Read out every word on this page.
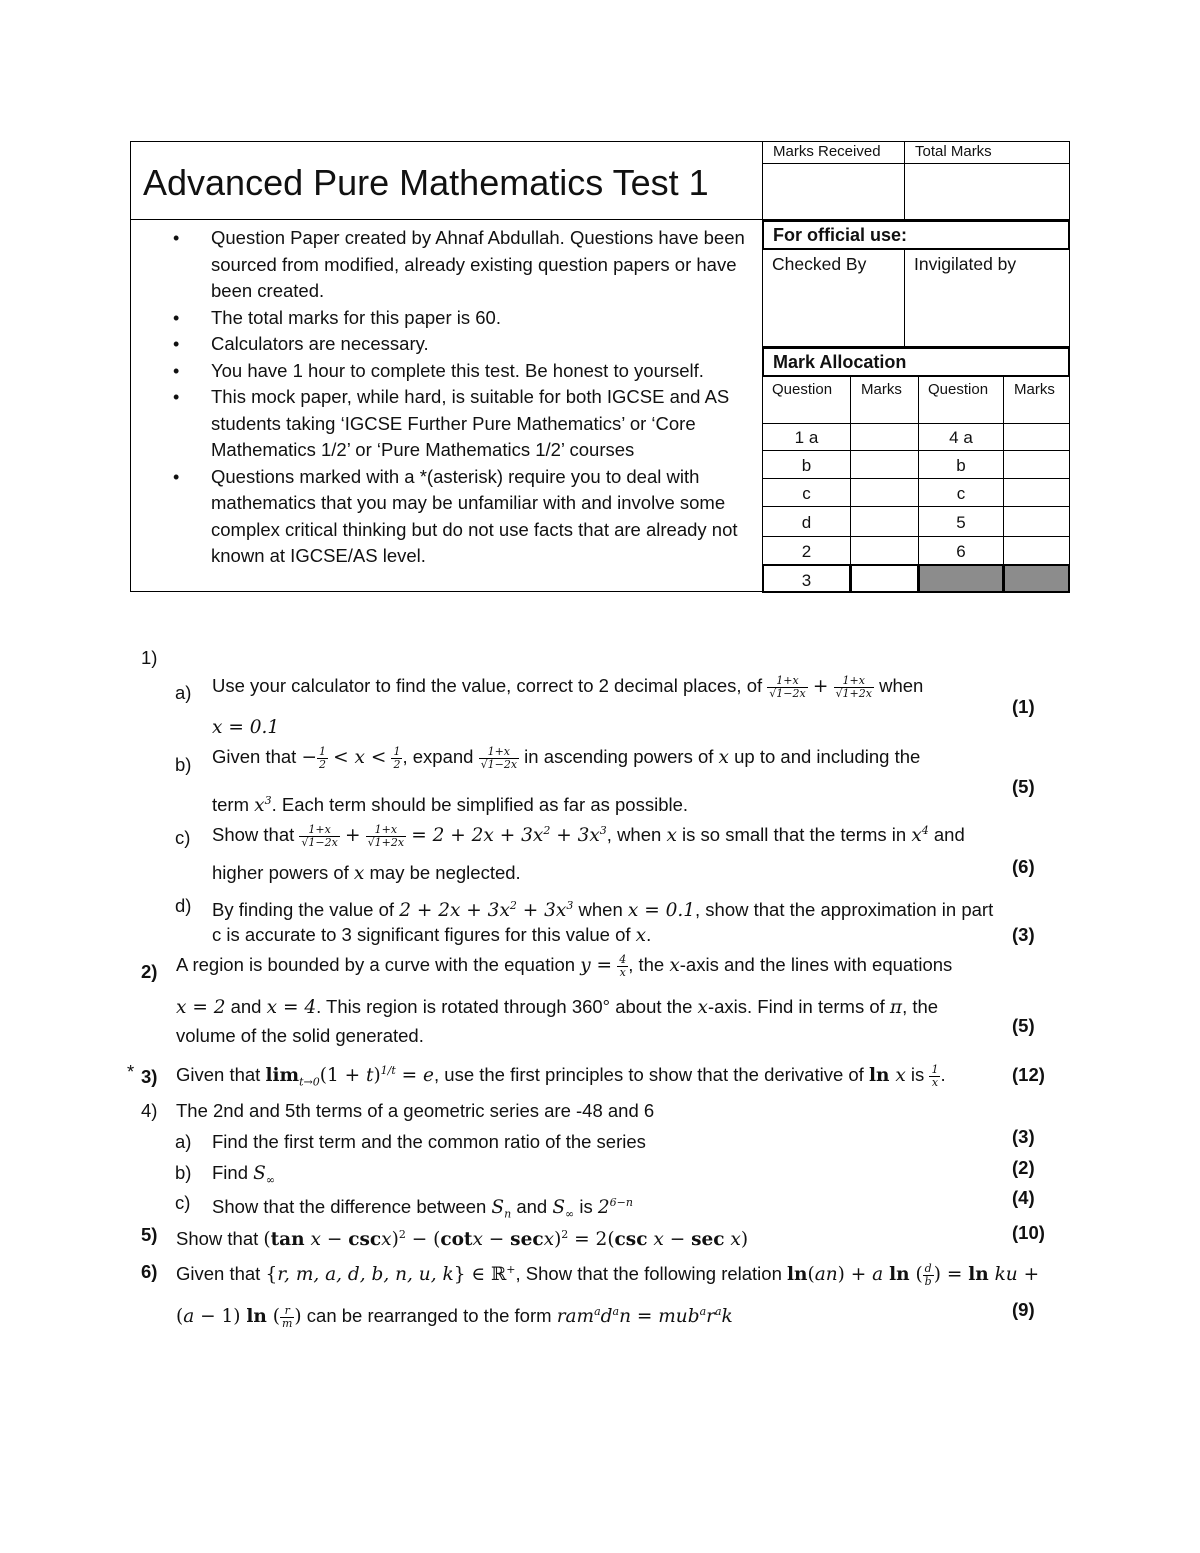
Advanced Pure Mathematics Test 1
• Question Paper created by Ahnaf Abdullah. Questions have been sourced from modified, already existing question papers or have been created.
• The total marks for this paper is 60.
• Calculators are necessary.
• You have 1 hour to complete this test. Be honest to yourself.
• This mock paper, while hard, is suitable for both IGCSE and AS students taking ‘IGCSE Further Pure Mathematics’ or ‘Core Mathematics 1/2’ or ‘Pure Mathematics 1/2’ courses
• Questions marked with a *(asterisk) require you to deal with mathematics that you may be unfamiliar with and involve some complex critical thinking but do not use facts that are already not known at IGCSE/AS level.
Marks Received	Total Marks
For official use:
Checked By	Invigilated by
Mark Allocation
Question Marks Question Marks
1 a	4 a
b	b
c	c
d	5
2	6
3
1)
a) Use your calculator to find the value, correct to 2 decimal places, of $\frac{1+x}{√1-2x} + \frac{1+x}{√1+2x}$ when
x = 0.1
(1)
b) Given that − $\frac{1}{2} < x < \frac{1}{2}$ , expand $\frac{1+x}{√1-2x}$ in ascending powers of x up to and including the
term $x^3$. Each term should be simplified as far as possible.
(5)
c) Show that $\frac{1+x}{√1-2x} + \frac{1+x}{√1+2x} = 2 + 2x + 3x^2 + 3x^3$, when x is so small that the terms in $x^4$ and
higher powers of x may be neglected.	(6)
d) By finding the value of $2 + 2x + 3x^2 + 3x^3$ when x = 0.1, show that the approximation in part
c is accurate to 3 significant figures for this value of x.	(3)
2) A region is bounded by a curve with the equation $y = \frac{4}{x}$ , the x-axis and the lines with equations
x = 2 and x = 4. This region is rotated through 360° about the x-axis. Find in terms of π, the
volume of the solid generated.	(5)
* 3) Given that $\lim_{t\to 0}(1 + t)^{1/t} = e$, use the first principles to show that the derivative of ln x is $\frac{1}{x}$ .	(12)
4) The 2nd and 5th terms of a geometric series are -48 and 6
a) Find the first term and the common ratio of the series	(3)
b) Find $S_\infty$
(2)
c) Show that the difference between $S_n$ and $S_\infty$ is $2^{6-n}$	(4)
5) Show that (tan $x - \csc x)^2 - (\cot x - \sec x)^2 = 2(\csc$ x − sec x)	(10)
6) Given that {r, m, a, d, b, n, u, k} ∈ ℝ+, Show that the following relation ln(an) + a ln ( $\frac{d}{b}$ ) = ln ku +
(a − 1) ln ( $\frac{r}{m}$ ) can be rearranged to the form $ram^ad^an = mub^ar^ak$	(9)
